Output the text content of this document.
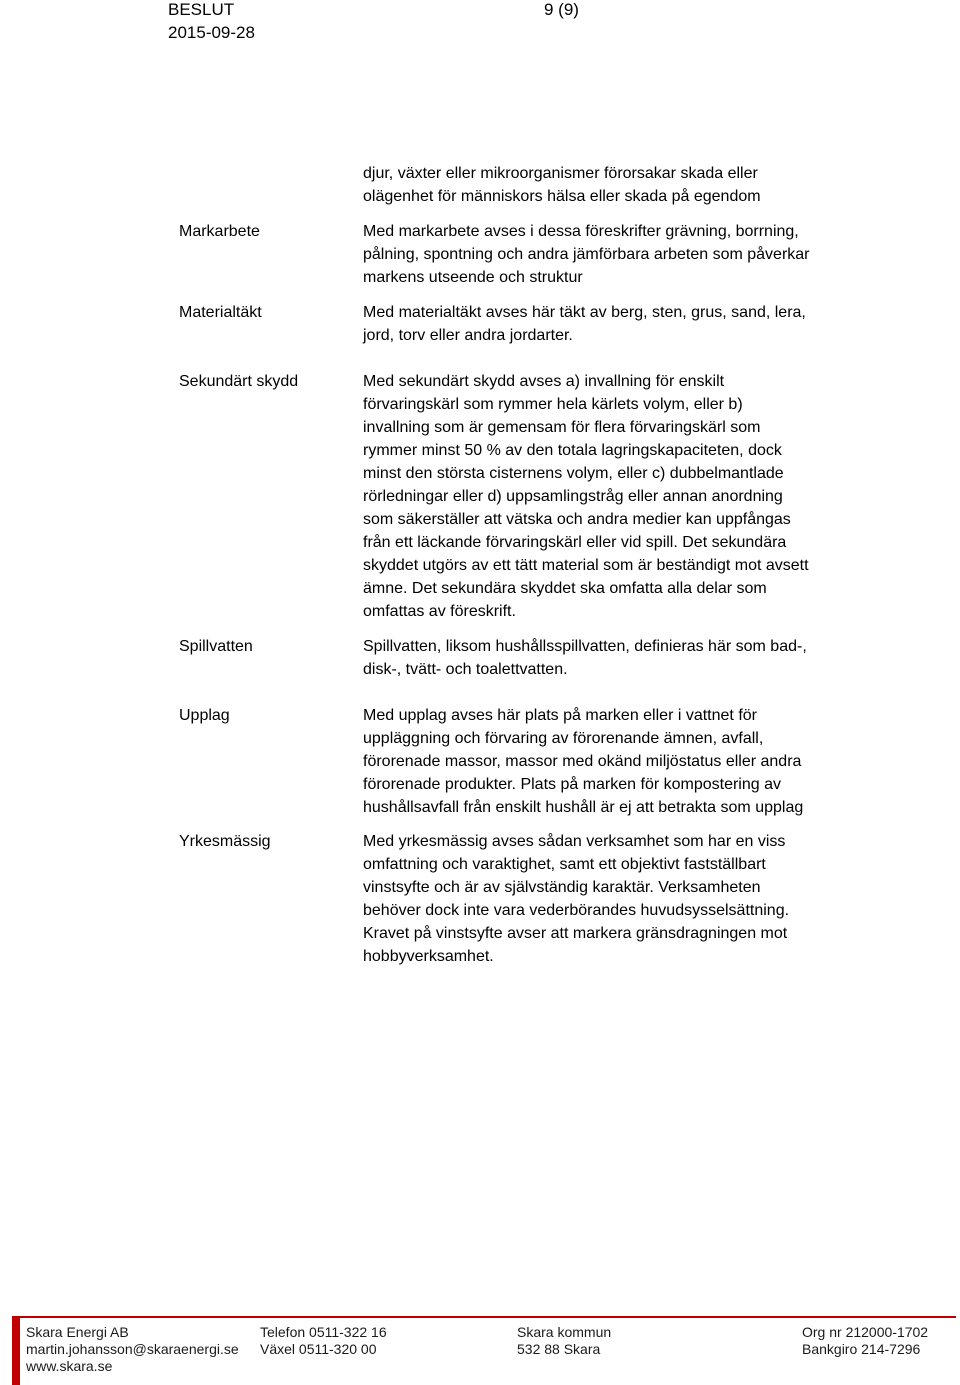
BESLUT	9 (9)
2015-09-28
djur, växter eller mikroorganismer förorsakar skada eller
olägenhet för människors hälsa eller skada på egendom
Markarbete	Med markarbete avses i dessa föreskrifter grävning, borrning,
pålning, spontning och andra jämförbara arbeten som påverkar
markens utseende och struktur
Materialtäkt	Med materialtäkt avses här täkt av berg, sten, grus, sand, lera,
jord, torv eller andra jordarter.
Sekundärt skydd	Med sekundärt skydd avses a) invallning för enskilt
förvaringskärl som rymmer hela kärlets volym, eller b)
invallning som är gemensam för flera förvaringskärl som
rymmer minst 50 % av den totala lagringskapaciteten, dock
minst den största cisternens volym, eller c) dubbelmantlade
rörledningar eller d) uppsamlingstråg eller annan anordning
som säkerställer att vätska och andra medier kan uppfångas
från ett läckande förvaringskärl eller vid spill. Det sekundära
skyddet utgörs av ett tätt material som är beständigt mot avsett
ämne. Det sekundära skyddet ska omfatta alla delar som
omfattas av föreskrift.
Spillvatten	Spillvatten, liksom hushållsspillvatten, definieras här som bad-,
disk-, tvätt- och toalettvatten.
Upplag	Med upplag avses här plats på marken eller i vattnet för
uppläggning och förvaring av förorenande ämnen, avfall,
förorenade massor, massor med okänd miljöstatus eller andra
förorenade produkter. Plats på marken för kompostering av
hushållsavfall från enskilt hushåll är ej att betrakta som upplag
Yrkesmässig	Med yrkesmässig avses sådan verksamhet som har en viss
omfattning och varaktighet, samt ett objektivt fastställbart
vinstsyfte och är av självständig karaktär. Verksamheten
behöver dock inte vara vederbörandes huvudsysselsättning.
Kravet på vinstsyfte avser att markera gränsdragningen mot
hobbyverksamhet.
Skara Energi AB
martin.johansson@skaraenergi.se
www.skara.se
Telefon 0511-322 16
Växel 0511-320 00
Skara kommun
532 88 Skara
Org nr 212000-1702
Bankgiro 214-7296
